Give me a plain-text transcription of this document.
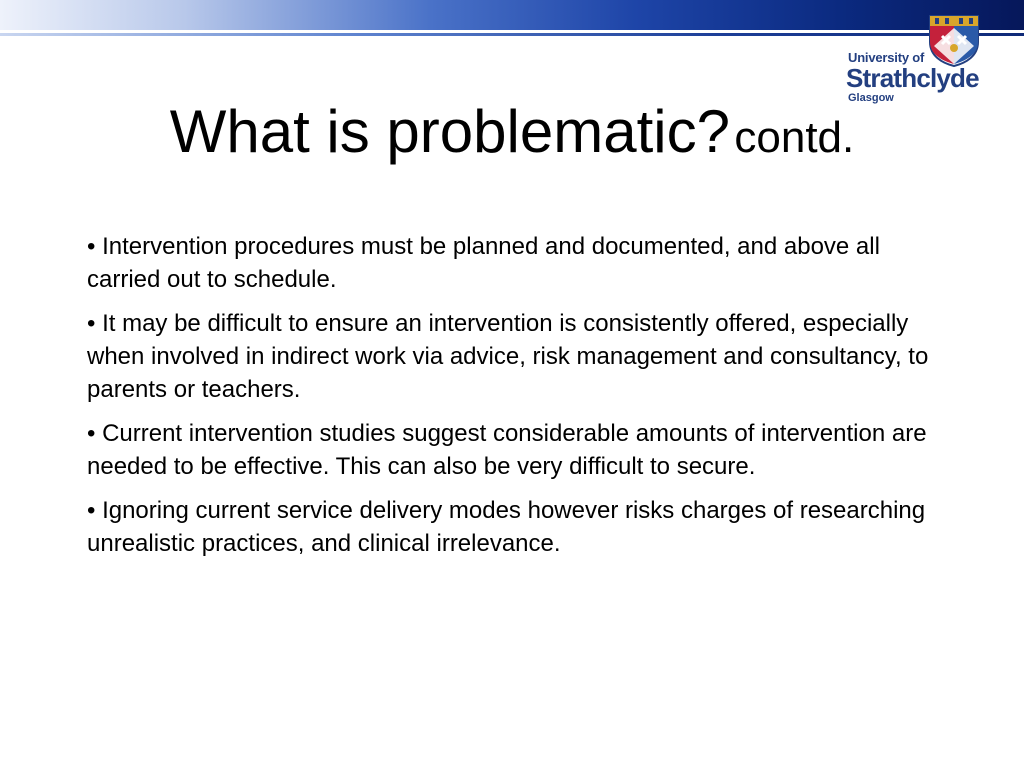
University of
Strathclyde
Glasgow
What is problematic? contd.
• Intervention procedures must be planned and documented, and above all carried out to schedule.
• It may be difficult to ensure an intervention is consistently offered, especially when involved in indirect work via advice, risk management and consultancy, to parents or teachers.
• Current intervention studies suggest considerable amounts of intervention are needed to be effective. This can also be very difficult to secure.
• Ignoring current service delivery modes however risks charges of researching unrealistic practices, and clinical irrelevance.
